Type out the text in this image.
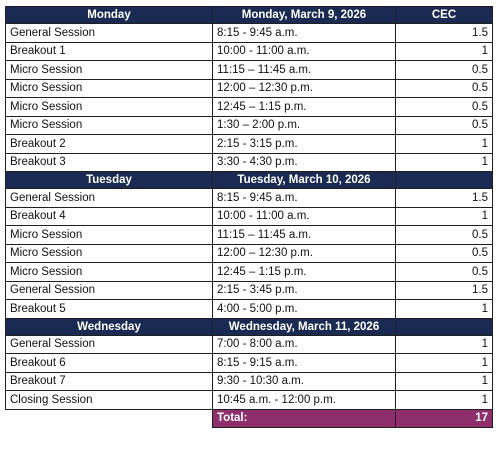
Monday	Monday, March 9, 2026	CEC
General Session	8:15 - 9:45 a.m.	1.5
Breakout 1	10:00 - 11:00 a.m.	1
Micro Session	11:15 – 11:45 a.m.	0.5
Micro Session	12:00 – 12:30 p.m.	0.5
Micro Session	12:45 – 1:15 p.m.	0.5
Micro Session	1:30 – 2:00 p.m.	0.5
Breakout 2	2:15 - 3:15 p.m.	1
Breakout 3	3:30 - 4:30 p.m.	1
Tuesday	Tuesday, March 10, 2026	
General Session	8:15 - 9:45 a.m.	1.5
Breakout 4	10:00 - 11:00 a.m.	1
Micro Session	11:15 – 11:45 a.m.	0.5
Micro Session	12:00 – 12:30 p.m.	0.5
Micro Session	12:45 – 1:15 p.m.	0.5
General Session	2:15 - 3:45 p.m.	1.5
Breakout 5	4:00 - 5:00 p.m.	1
Wednesday	Wednesday, March 11, 2026	
General Session	7:00 - 8:00 a.m.	1
Breakout 6	8:15 - 9:15 a.m.	1
Breakout 7	9:30 - 10:30 a.m.	1
Closing Session	10:45 a.m. - 12:00 p.m.	1
	Total:	17
